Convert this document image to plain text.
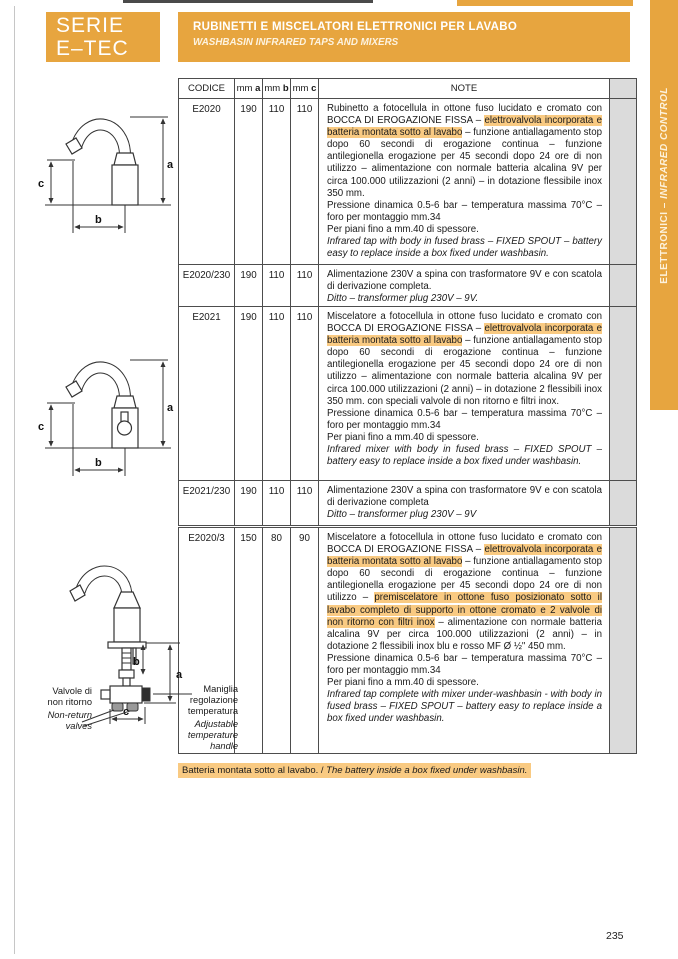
SERIE
E–TEC
RUBINETTI E MISCELATORI ELETTRONICI PER LAVABO
WASHBASIN INFRARED TAPS AND MIXERS
ELETTRONICI – INFRARED CONTROL
CODICE	mm a	mm b	mm c	NOTE	
E2020	190	110	110	Rubinetto a fotocellula in ottone fuso lucidato e cromato con BOCCA DI EROGAZIONE FISSA – elettrovalvola incorporata e batteria montata sotto al lavabo – funzione antiallagamento stop dopo 60 secondi di erogazione continua – funzione antilegionella erogazione per 45 secondi dopo 24 ore di non utilizzo – alimentazione con normale batteria alcalina 9V per circa 100.000 utilizzazioni (2 anni) – in dotazione flessibile inox 350 mm.
Pressione dinamica 0.5-6 bar – temperatura massima 70°C – foro per montaggio mm.34
Per piani fino a mm.40 di spessore.
Infrared tap with body in fused brass – FIXED SPOUT – battery easy to replace inside a box fixed under washbasin.	

E2020/230	190	110	110	Alimentazione 230V a spina con trasformatore 9V e con scatola di derivazione completa.
Ditto – transformer plug 230V – 9V.	

E2021	190	110	110	Miscelatore a fotocellula in ottone fuso lucidato e cromato con BOCCA DI EROGAZIONE FISSA – elettrovalvola incorporata e batteria montata sotto al lavabo – funzione antiallagamento stop dopo 60 secondi di erogazione continua – funzione antilegionella erogazione per 45 secondi dopo 24 ore di non utilizzo – alimentazione con normale batteria alcalina 9V per circa 100.000 utilizzazioni (2 anni) – in dotazione 2 flessibili inox 350 mm. con speciali valvole di non ritorno e filtri inox.
Pressione dinamica 0.5-6 bar – temperatura massima 70°C – foro per montaggio mm.34
Per piani fino a mm.40 di spessore.
Infrared mixer with body in fused brass – FIXED SPOUT – battery easy to replace inside a box fixed under washbasin.	

E2021/230	190	110	110	Alimentazione 230V a spina con trasformatore 9V e con scatola di derivazione completa
Ditto – transformer plug 230V – 9V	

E2020/3	150	80	90	Miscelatore a fotocellula in ottone fuso lucidato e cromato con BOCCA DI EROGAZIONE FISSA – elettrovalvola incorporata e batteria montata sotto al lavabo – funzione antiallagamento stop dopo 60 secondi di erogazione continua – funzione antilegionella erogazione per 45 secondi dopo 24 ore di non utilizzo – premiscelatore in ottone fuso posizionato sotto il lavabo completo di supporto in ottone cromato e 2 valvole di non ritorno con filtri inox – alimentazione con normale batteria alcalina 9V per circa 100.000 utilizzazioni (2 anni) – in dotazione 2 flessibili inox blu e rosso MF Ø ½" 450 mm.
Pressione dinamica 0.5-6 bar – temperatura massima 70°C – foro per montaggio mm.34
Per piani fino a mm.40 di spessore.
Infrared tap complete with mixer under-washbasin - with body in fused brass – FIXED SPOUT – battery easy to replace inside a box fixed under washbasin.

a
c
b
a
c
b
b
a
c
Valvole di
non ritorno
Non-return
valves
Maniglia
regolazione
temperatura
Adjustable
temperature
handle
Batteria montata sotto al lavabo. / The battery inside a box fixed under washbasin.
235
